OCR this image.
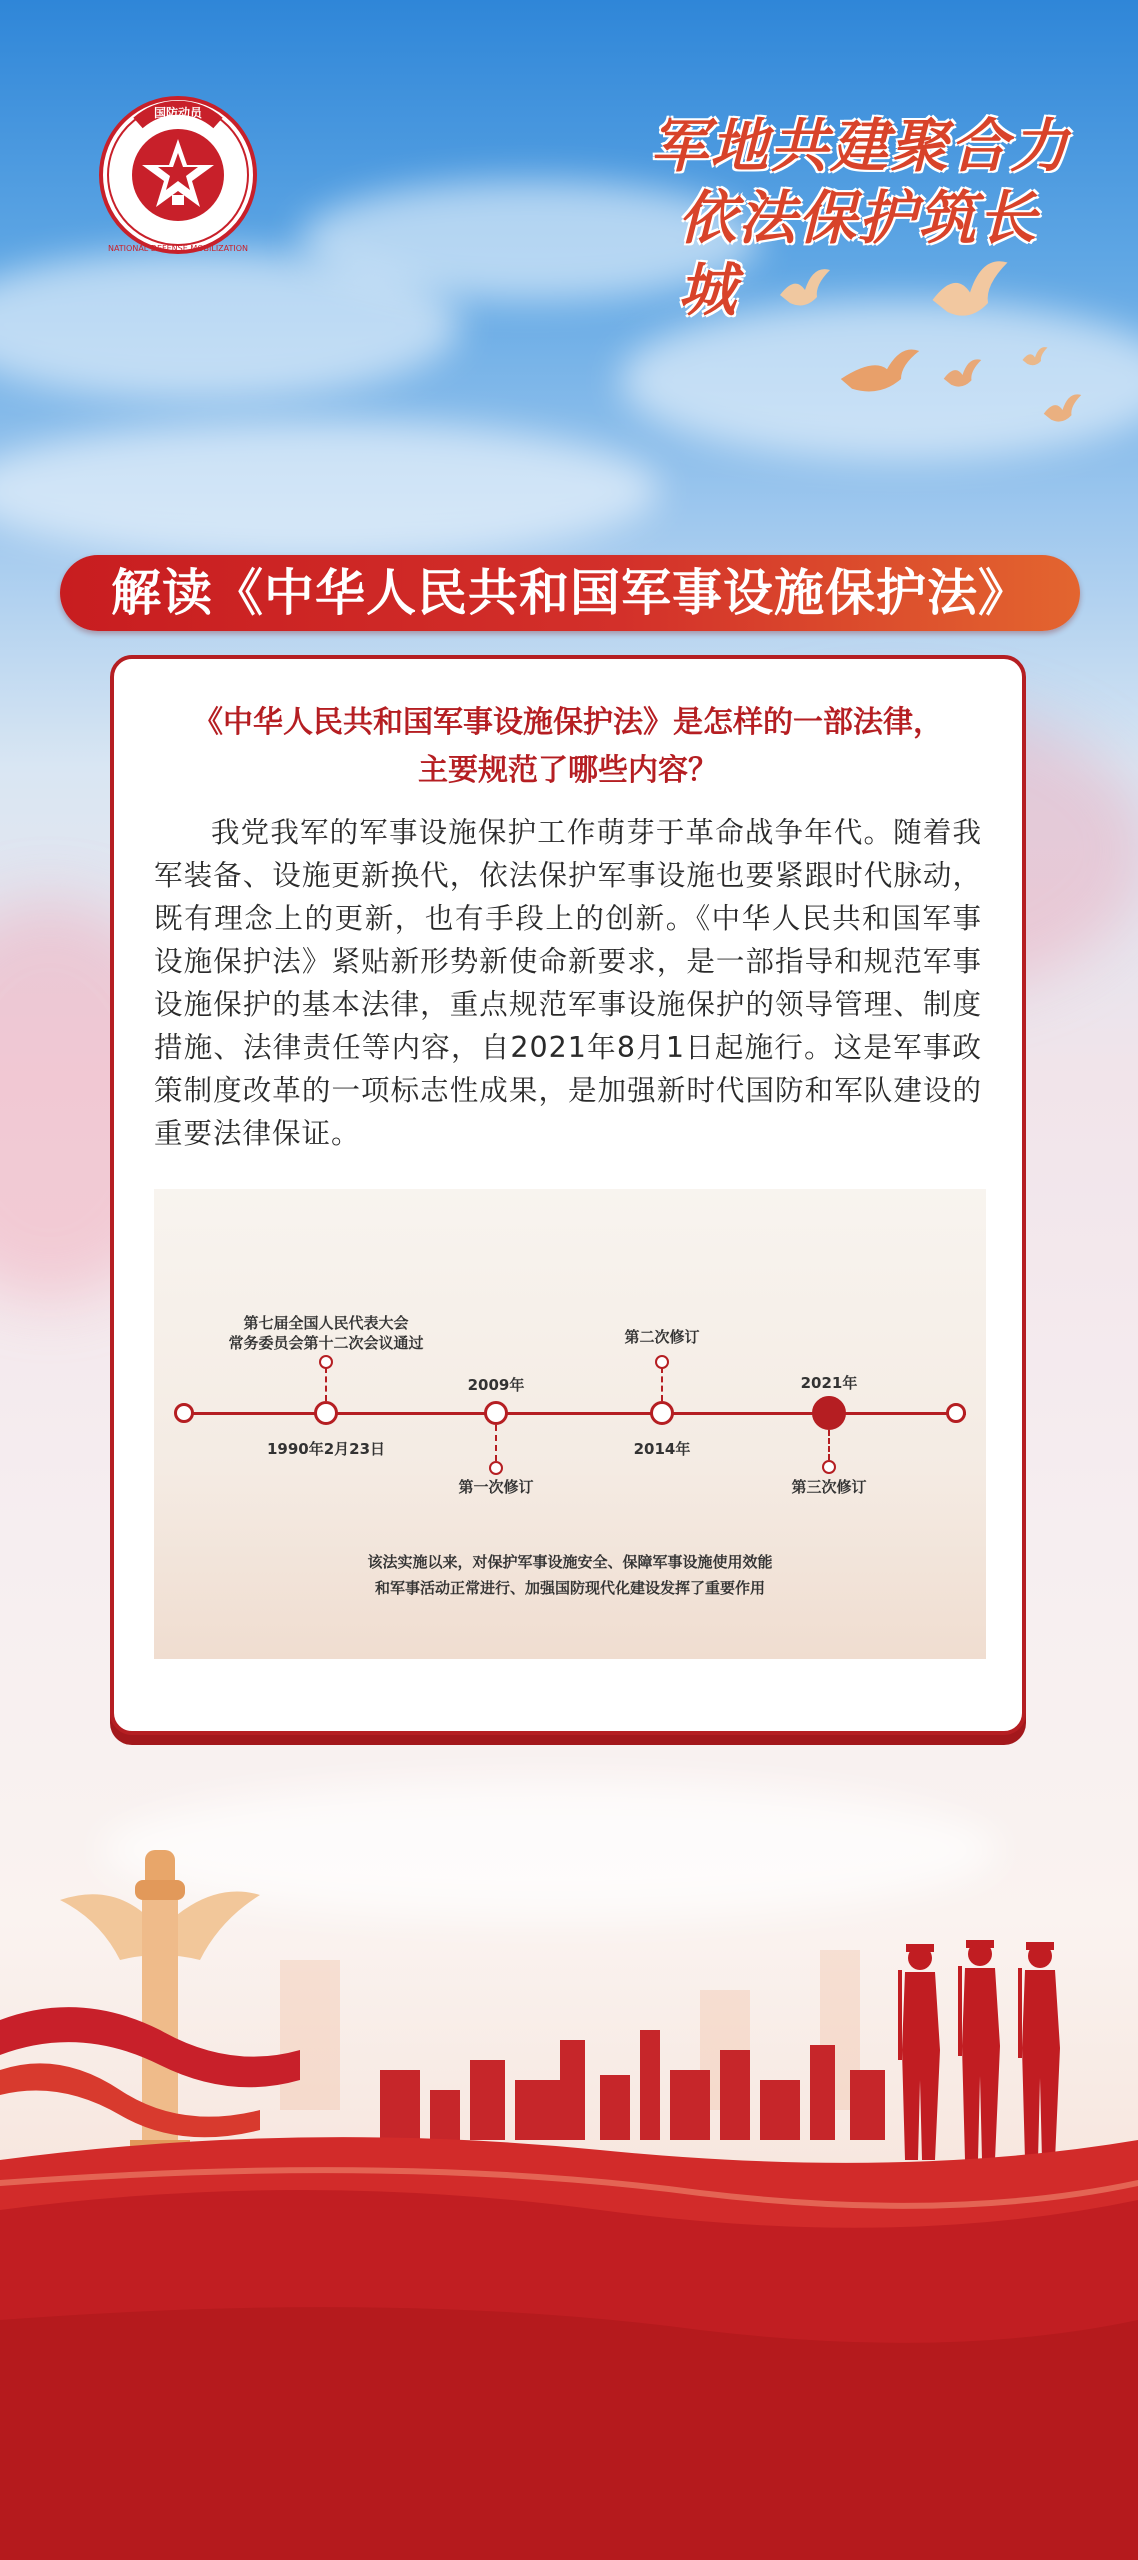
国防动员
NATIONAL DEFENSE MOBILIZATION
军地共建聚合力
依法保护筑长城
解读《中华人民共和国军事设施保护法》
《中华人民共和国军事设施保护法》是怎样的一部法律，
主要规范了哪些内容？
我党我军的军事设施保护工作萌芽于革命战争年代。随着我军装备、设施更新换代，依法保护军事设施也要紧跟时代脉动，既有理念上的更新，也有手段上的创新。《中华人民共和国军事设施保护法》紧贴新形势新使命新要求，是一部指导和规范军事设施保护的基本法律，重点规范军事设施保护的领导管理、制度措施、法律责任等内容，自2021年8月1日起施行。这是军事政策制度改革的一项标志性成果，是加强新时代国防和军队建设的重要法律保证。
第七届全国人民代表大会
常务委员会第十二次会议通过
1990年2月23日
2009年
第一次修订
第二次修订
2014年
2021年
第三次修订
该法实施以来，对保护军事设施安全、保障军事设施使用效能
和军事活动正常进行、加强国防现代化建设发挥了重要作用
